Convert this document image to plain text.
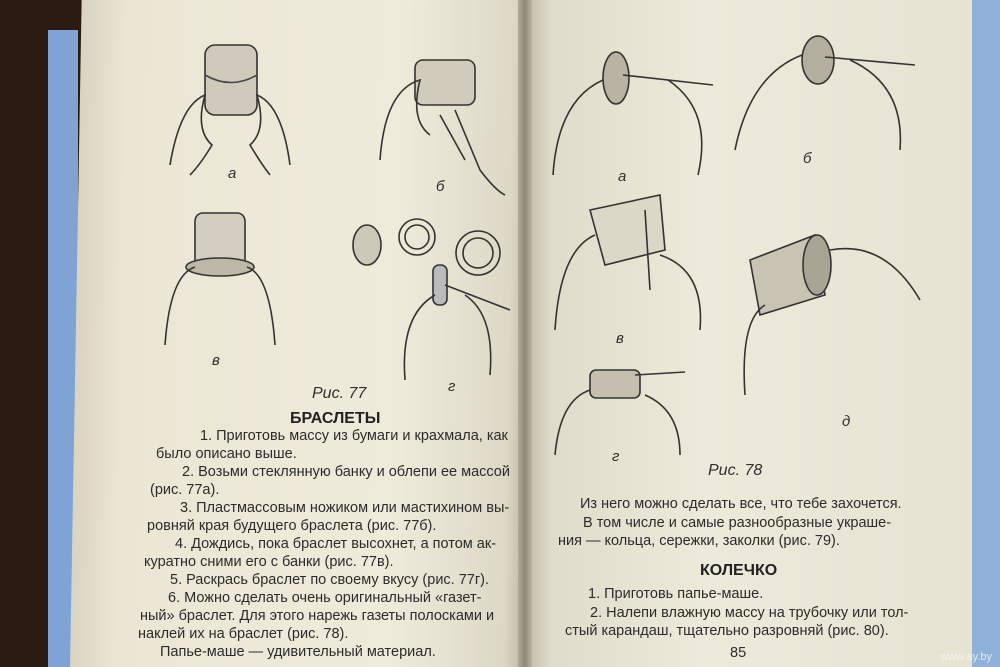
а
б
в
г
Рис. 77
БРАСЛЕТЫ
1. Приготовь массу из бумаги и крахмала, как
было описано выше.
2. Возьми стеклянную банку и облепи ее массой
(рис. 77а).
3. Пластмассовым ножиком или мастихином вы-
ровняй края будущего браслета (рис. 77б).
4. Дождись, пока браслет высохнет, а потом ак-
куратно сними его с банки (рис. 77в).
5. Раскрась браслет по своему вкусу (рис. 77г).
6. Можно сделать очень оригинальный «газет-
ный» браслет. Для этого нарежь газеты полосками и
наклей их на браслет (рис. 78).
Папье-маше — удивительный материал.
а
б
в
г
д
Рис. 78
Из него можно сделать все, что тебе захочется.
В том числе и самые разнообразные украше-
ния — кольца, сережки, заколки (рис. 79).
КОЛЕЧКО
1. Приготовь папье-маше.
2. Налепи влажную массу на трубочку или тол-
стый карандаш, тщательно разровняй (рис. 80).
85	www.ay.by
